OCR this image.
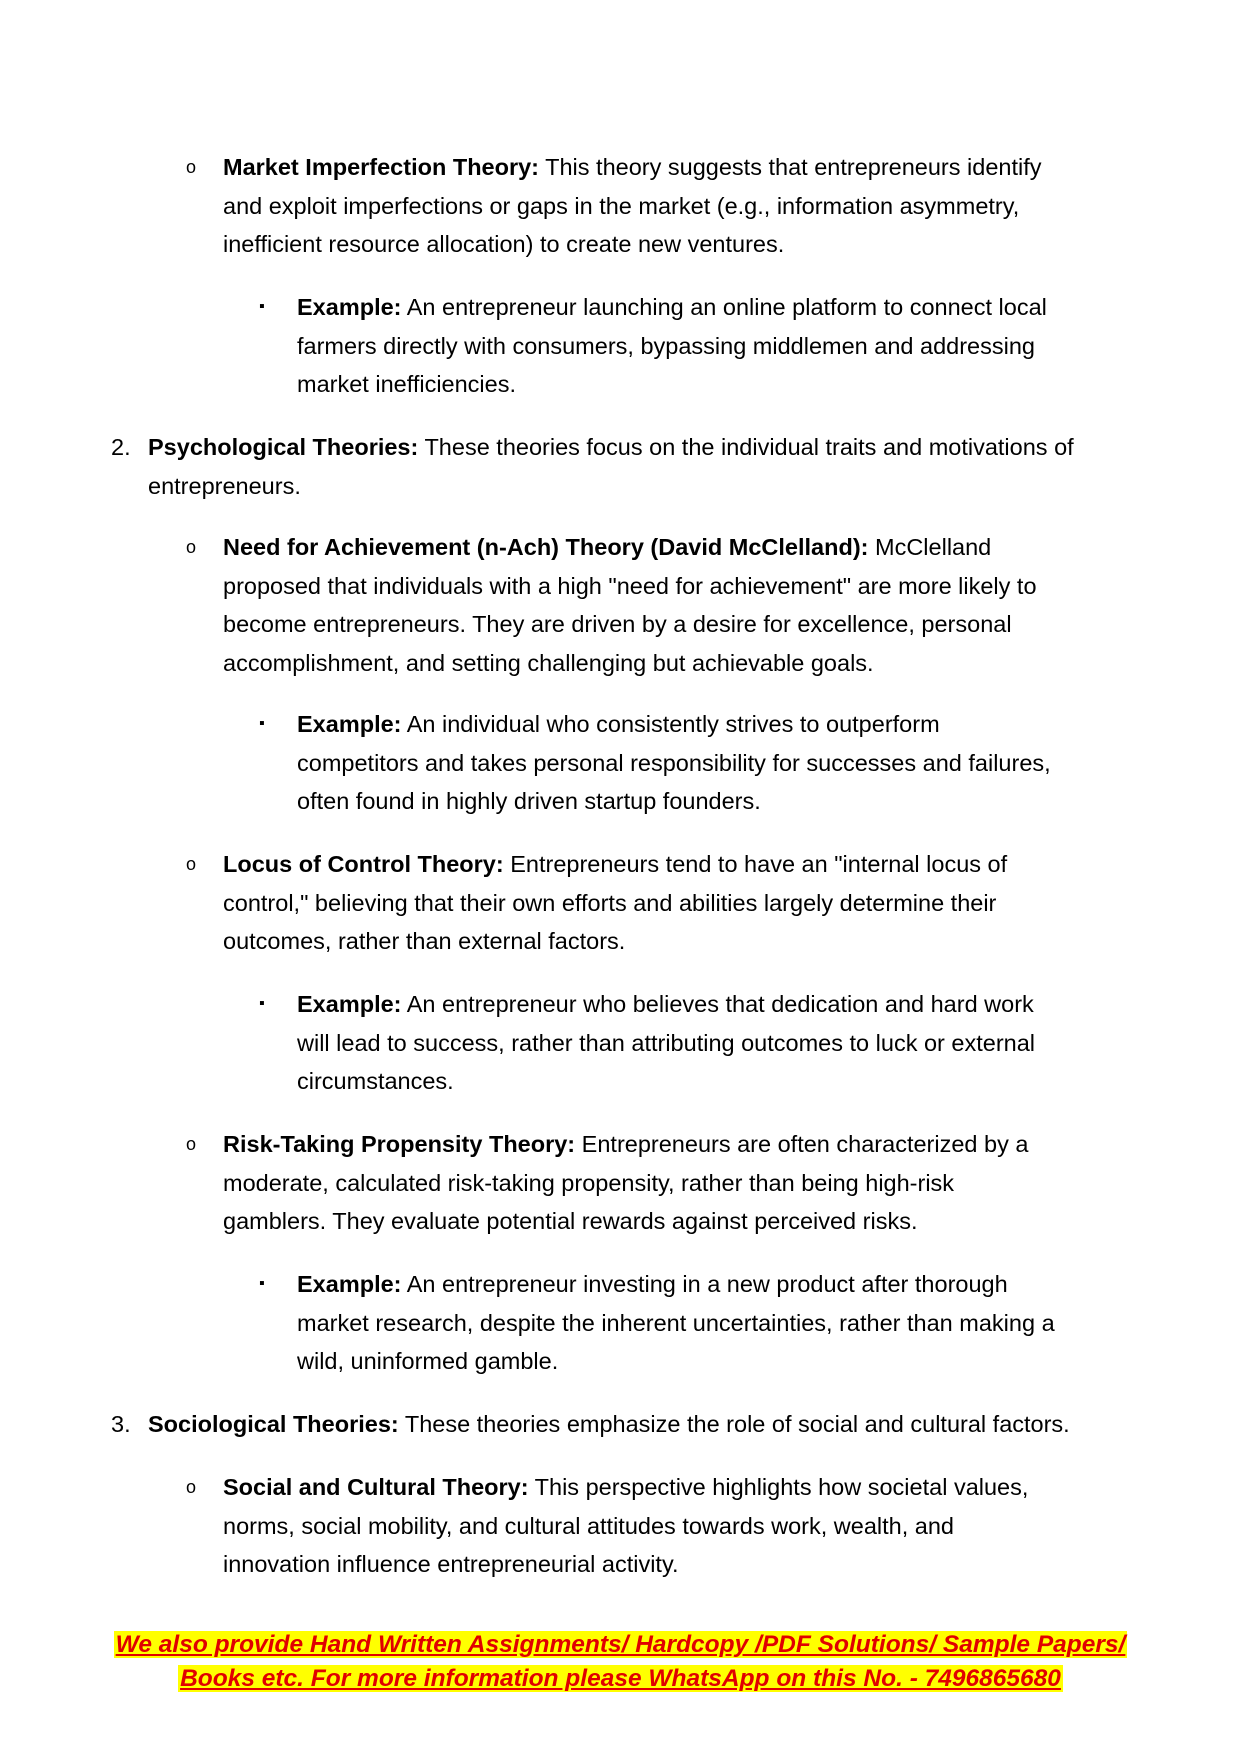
o Market Imperfection Theory: This theory suggests that entrepreneurs identify
and exploit imperfections or gaps in the market (e.g., information asymmetry,
inefficient resource allocation) to create new ventures.
▪ Example: An entrepreneur launching an online platform to connect local
farmers directly with consumers, bypassing middlemen and addressing
market inefficiencies.
2. Psychological Theories: These theories focus on the individual traits and motivations of
entrepreneurs.
o Need for Achievement (n-Ach) Theory (David McClelland): McClelland
proposed that individuals with a high "need for achievement" are more likely to
become entrepreneurs. They are driven by a desire for excellence, personal
accomplishment, and setting challenging but achievable goals.
▪ Example: An individual who consistently strives to outperform
competitors and takes personal responsibility for successes and failures,
often found in highly driven startup founders.
o Locus of Control Theory: Entrepreneurs tend to have an "internal locus of
control," believing that their own efforts and abilities largely determine their
outcomes, rather than external factors.
▪ Example: An entrepreneur who believes that dedication and hard work
will lead to success, rather than attributing outcomes to luck or external
circumstances.
o Risk-Taking Propensity Theory: Entrepreneurs are often characterized by a
moderate, calculated risk-taking propensity, rather than being high-risk
gamblers. They evaluate potential rewards against perceived risks.
▪ Example: An entrepreneur investing in a new product after thorough
market research, despite the inherent uncertainties, rather than making a
wild, uninformed gamble.
3. Sociological Theories: These theories emphasize the role of social and cultural factors.
o Social and Cultural Theory: This perspective highlights how societal values,
norms, social mobility, and cultural attitudes towards work, wealth, and
innovation influence entrepreneurial activity.
We also provide Hand Written Assignments/ Hardcopy /PDF Solutions/ Sample Papers/
Books etc. For more information please WhatsApp on this No. - 7496865680
